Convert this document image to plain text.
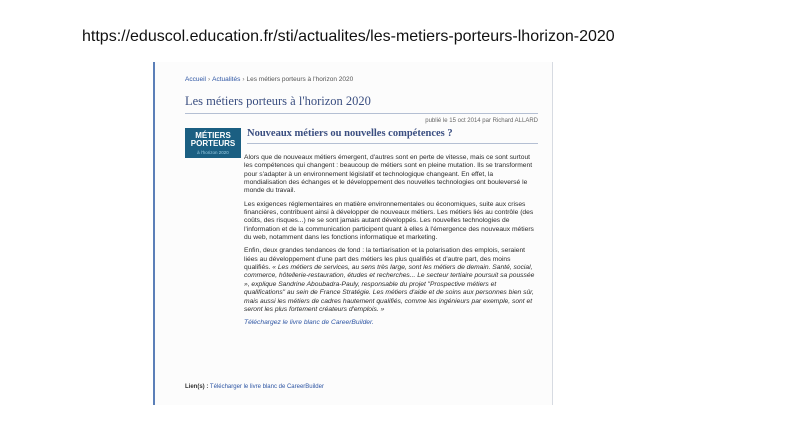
https://eduscol.education.fr/sti/actualites/les-metiers-porteurs-lhorizon-2020
Accueil › Actualités › Les métiers porteurs à l'horizon 2020
Les métiers porteurs à l'horizon 2020
publié le 15 oct 2014 par Richard ALLARD
MÉTIERS
PORTEURS
à l'horizon 2020
Nouveaux métiers ou nouvelles compétences ?

Alors que de nouveaux métiers émergent, d'autres sont en perte de vitesse, mais ce sont surtout les compétences qui changent : beaucoup de métiers sont en pleine mutation. Ils se transforment pour s'adapter à un environnement législatif et technologique changeant. En effet, la mondialisation des échanges et le développement des nouvelles technologies ont bouleversé le monde du travail.

Les exigences réglementaires en matière environnementales ou économiques, suite aux crises financières, contribuent ainsi à développer de nouveaux métiers. Les métiers liés au contrôle (des coûts, des risques...) ne se sont jamais autant développés. Les nouvelles technologies de l'information et de la communication participent quant à elles à l'émergence des nouveaux métiers du web, notamment dans les fonctions informatique et marketing.

Enfin, deux grandes tendances de fond : la tertiarisation et la polarisation des emplois, seraient liées au développement d'une part des métiers les plus qualifiés et d'autre part, des moins qualifiés. « Les métiers de services, au sens très large, sont les métiers de demain. Santé, social, commerce, hôtellerie-restauration, études et recherches... Le secteur tertiaire poursuit sa poussée », explique Sandrine Aboubadra-Pauly, responsable du projet "Prospective métiers et qualifications" au sein de France Stratégie. Les métiers d'aide et de soins aux personnes bien sûr, mais aussi les métiers de cadres hautement qualifiés, comme les ingénieurs par exemple, sont et seront les plus fortement créateurs d'emplois. »

Téléchargez le livre blanc de CareerBuilder.

Lien(s) : Télécharger le livre blanc de CareerBuilder
